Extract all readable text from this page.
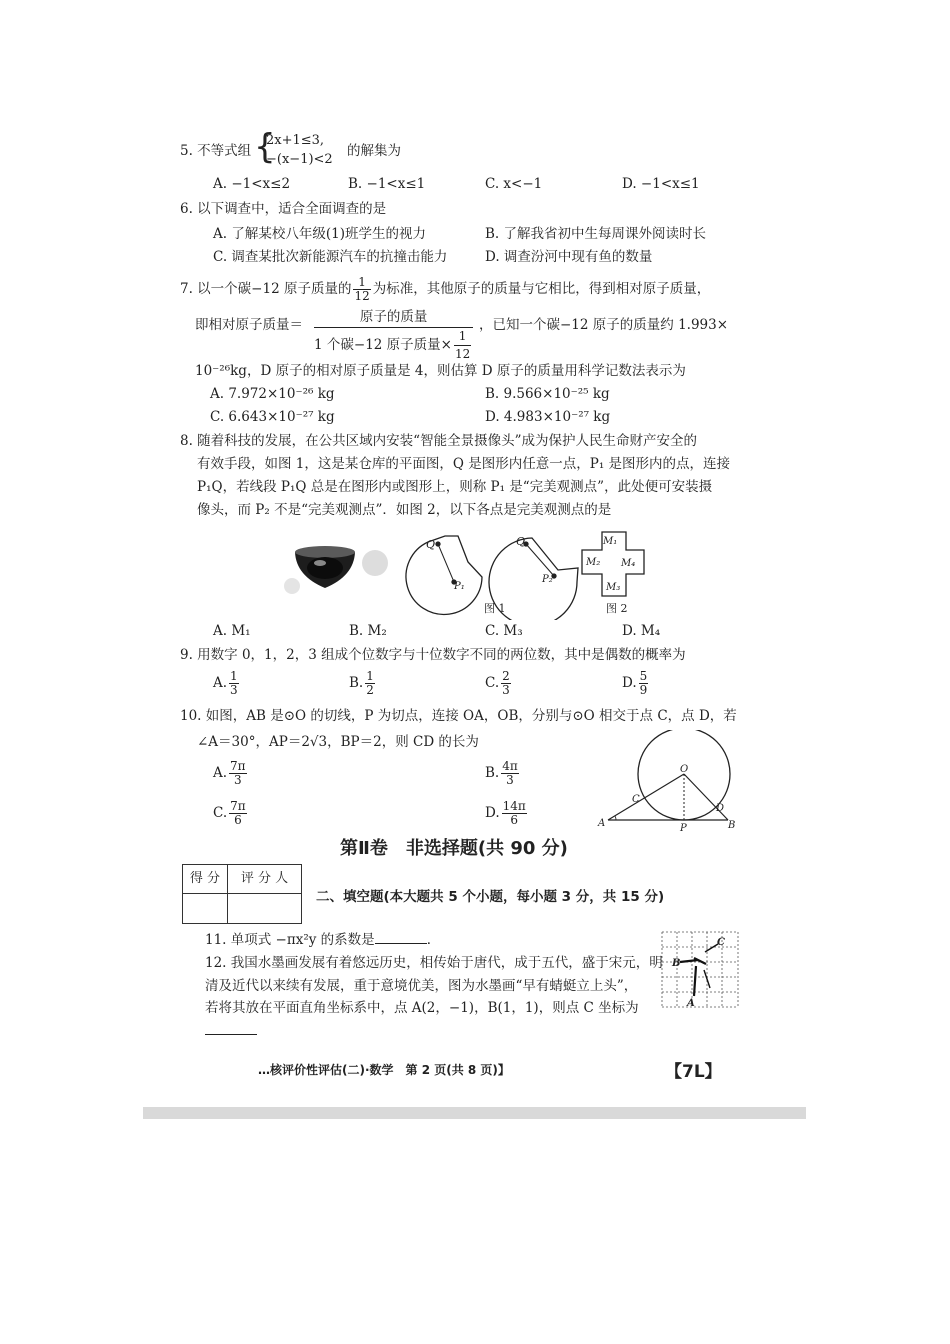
5. 不等式组 {
2x+1≤3,
−(x−1)<2
的解集为
A. −1<x≤2	B. −1<x≤1	C. x<−1	D. −1<x≤1
6. 以下调查中，适合全面调查的是
A. 了解某校八年级(1)班学生的视力	B. 了解我省初中生每周课外阅读时长
C. 调查某批次新能源汽车的抗撞击能力	D. 调查汾河中现有鱼的数量
7. 以一个碳−12 原子质量的 $\frac{1}{12}$ 为标准，其他原子的质量与它相比，得到相对原子质量，
即相对原子质量＝	原子的质量
1 个碳−12 原子质量× $\frac{1}{12}$
，已知一个碳−12 原子的质量约 1.993×
10⁻²⁶kg，D 原子的相对原子质量是 4，则估算 D 原子的质量用科学记数法表示为
A. 7.972×10⁻²⁶ kg	B. 9.566×10⁻²⁵ kg
C. 6.643×10⁻²⁷ kg	D. 4.983×10⁻²⁷ kg
8. 随着科技的发展，在公共区域内安装“智能全景摄像头”成为保护人民生命财产安全的
有效手段，如图 1，这是某仓库的平面图，Q 是图形内任意一点，P₁ 是图形内的点，连接
P₁Q，若线段 P₁Q 总是在图形内或图形上，则称 P₁ 是“完美观测点”，此处便可安装摄
像头，而 P₂ 不是“完美观测点”．如图 2，以下各点是完美观测点的是
Q
P₁
Q
P₂
M₁
M₂ M₄
M₃
图 1	图 2
A. M₁	B. M₂	C. M₃	D. M₄
9. 用数字 0，1，2，3 组成个位数字与十位数字不同的两位数，其中是偶数的概率为
A. $\frac{1}{3}$	B. $\frac{1}{2}$	C. $\frac{2}{3}$	D. $\frac{5}{9}$
10. 如图，AB 是⊙O 的切线，P 为切点，连接 OA，OB，分别与⊙O 相交于点 C，点 D，若
∠A＝30°，AP＝2√3，BP＝2，则 CD 的长为
A. $\frac{7\pi}{3}$	B. $\frac{4\pi}{3}$
C. $\frac{7\pi}{6}$	D. $\frac{14\pi}{6}$
O
A	B
C
D
P
第Ⅱ卷　非选择题(共 90 分)
得 分	评 分 人
二、填空题(本大题共 5 个小题，每小题 3 分，共 15 分)
11. 单项式 −πx²y 的系数是	．
12. 我国水墨画发展有着悠远历史，相传始于唐代，成于五代，盛于宋元，明
清及近代以来续有发展，重于意境优美，图为水墨画“早有蜻蜓立上头”，
若将其放在平面直角坐标系中，点 A(2，−1)，B(1，1)，则点 C 坐标为
B
C
A
…核评价性评估(二)·数学　第 2 页(共 8 页)】	【7L】
